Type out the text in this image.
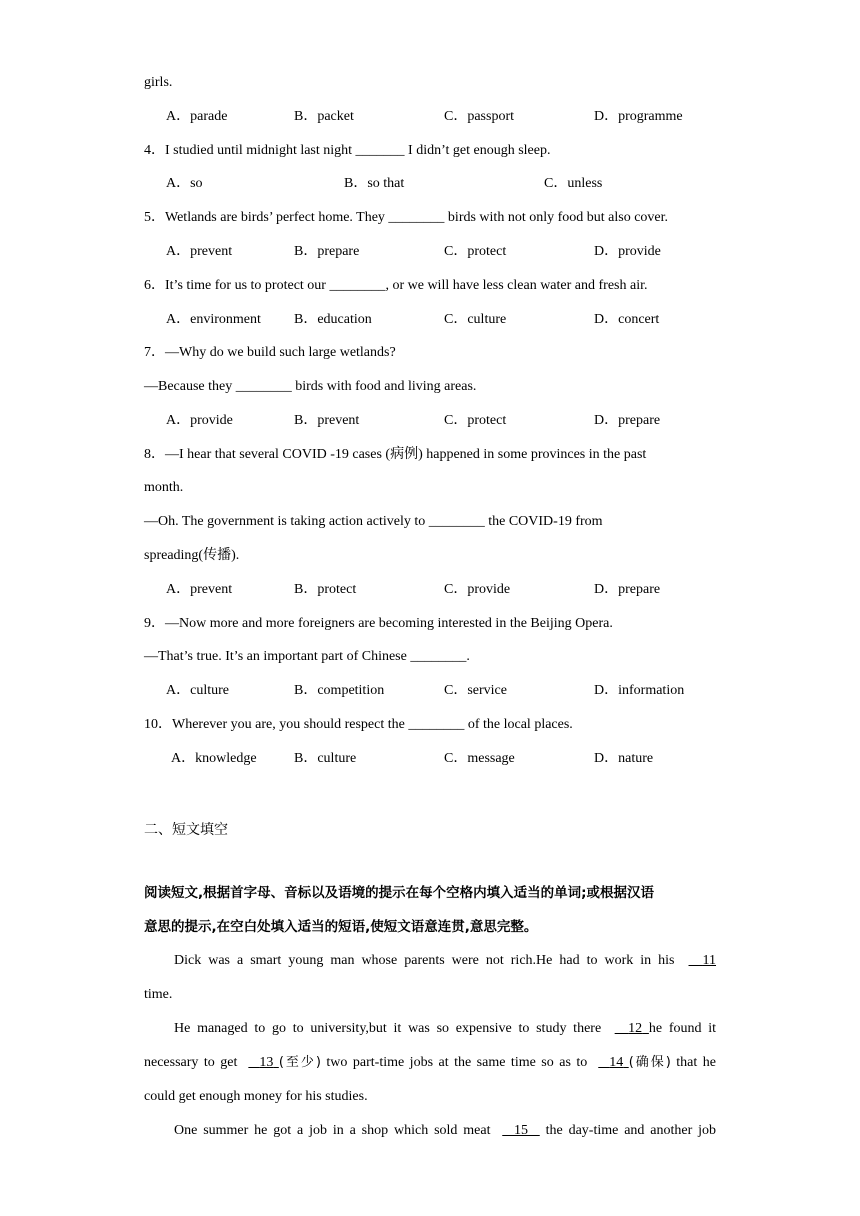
girls.
A．parade	B．packet	C．passport	D．programme
4．I studied until midnight last night _______ I didn’t get enough sleep.
A．so	B．so that	C．unless
5．Wetlands are birds’ perfect home. They ________ birds with not only food but also cover.
A．prevent	B．prepare	C．protect	D．provide
6．It’s time for us to protect our ________, or we will have less clean water and fresh air.
A．environment B．education	C．culture	D．concert
7．—Why do we build such large wetlands?
—Because they ________ birds with food and living areas.
A．provide	B．prevent	C．protect	D．prepare
8．—I hear that several COVID -19 cases (病例) happened in some provinces in the past
month.
—Oh. The government is taking action actively to ________ the COVID-19 from
spreading(传播).
A．prevent	B．protect	C．provide	D．prepare
9．—Now more and more foreigners are becoming interested in the Beijing Opera.
—That’s true. It’s an important part of Chinese ________.
A．culture	B．competition	C．service	D．information
10．Wherever you are, you should respect the ________ of the local places.
A．knowledge	B．culture	C．message	D．nature
二、短文填空
阅读短文,根据首字母、音标以及语境的提示在每个空格内填入适当的单词;或根据汉语
意思的提示,在空白处填入适当的短语,使短文语意连贯,意思完整。
Dick was a smart young man whose parents were not rich.He had to work in his 11
time.
He managed to go to university,but it was so expensive to study there 12 he found it
necessary to get 13 (至少) two part-time jobs at the same time so as to 14 (确保) that he
could get enough money for his studies.
One summer he got a job in a shop which sold meat 15 the day-time and another job
